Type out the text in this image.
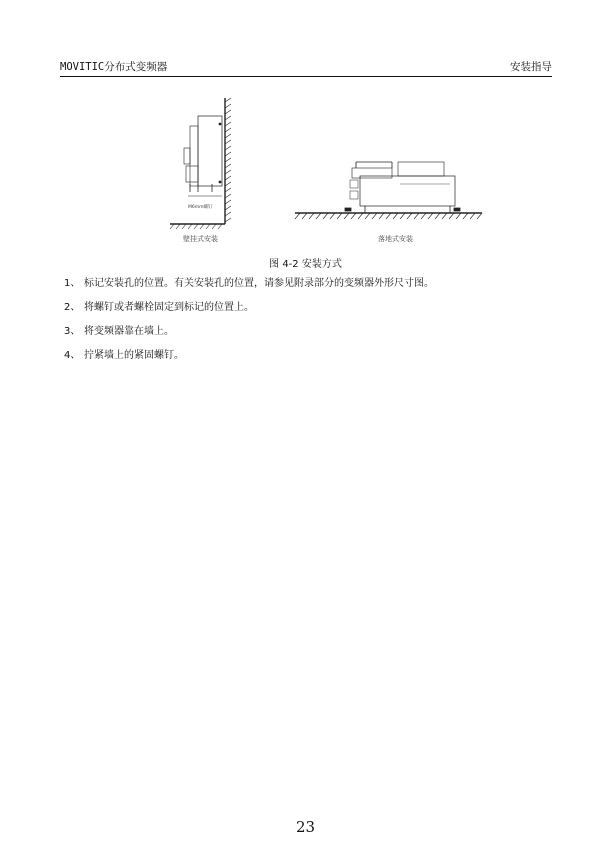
MOVITIC分布式变频器	安装指导
M6mm螺钉
壁挂式安装	落地式安装
图 4-2 安装方式
1、 标记安装孔的位置。有关安装孔的位置，请参见附录部分的变频器外形尺寸图。
2、 将螺钉或者螺栓固定到标记的位置上。
3、 将变频器靠在墙上。
4、 拧紧墙上的紧固螺钉。
23
